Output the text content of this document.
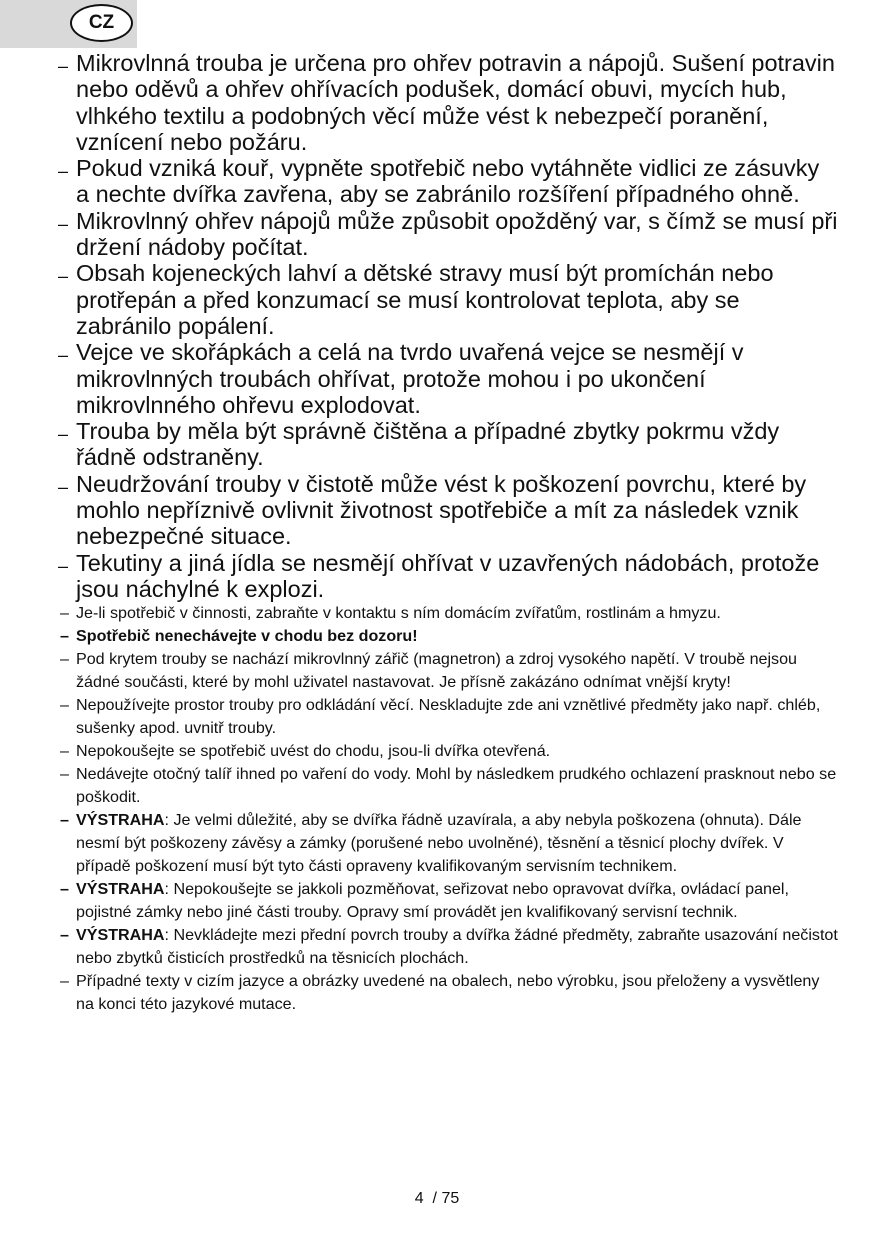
CZ
– Mikrovlnná trouba je určena pro ohřev potravin a nápojů. Sušení potravin nebo oděvů a ohřev ohřívacích podušek, domácí obuvi, mycích hub, vlhkého textilu a podobných věcí může vést k nebezpečí poranění, vznícení nebo požáru.
– Pokud vzniká kouř, vypněte spotřebič nebo vytáhněte vidlici ze zásuvky a nechte dvířka zavřena, aby se zabránilo rozšíření případného ohně.
– Mikrovlnný ohřev nápojů může způsobit opožděný var, s čímž se musí při držení nádoby počítat.
– Obsah kojeneckých lahví a dětské stravy musí být promíchán nebo protřepán a před konzumací se musí kontrolovat teplota, aby se zabránilo popálení.
– Vejce ve skořápkách a celá na tvrdo uvařená vejce se nesmějí v mikrovlnných troubách ohřívat, protože mohou i po ukončení mikrovlnného ohřevu explodovat.
– Trouba by měla být správně čištěna a případné zbytky pokrmu vždy řádně odstraněny.
– Neudržování trouby v čistotě může vést k poškození povrchu, které by mohlo nepříznivě ovlivnit životnost spotřebiče a mít za následek vznik nebezpečné situace.
– Tekutiny a jiná jídla se nesmějí ohřívat v uzavřených nádobách, protože jsou náchylné k explozi.
– Je-li spotřebič v činnosti, zabraňte v kontaktu s ním domácím zvířatům, rostlinám a hmyzu.
– Spotřebič nenechávejte v chodu bez dozoru!
– Pod krytem trouby se nachází mikrovlnný zářič (magnetron) a zdroj vysokého napětí. V troubě nejsou žádné součásti, které by mohl uživatel nastavovat. Je přísně zakázáno odnímat vnější kryty!
– Nepoužívejte prostor trouby pro odkládání věcí. Neskladujte zde ani vznětlivé předměty jako např. chléb, sušenky apod. uvnitř trouby.
– Nepokoušejte se spotřebič uvést do chodu, jsou-li dvířka otevřená.
– Nedávejte otočný talíř ihned po vaření do vody. Mohl by následkem prudkého ochlazení prasknout nebo se poškodit.
– VÝSTRAHA: Je velmi důležité, aby se dvířka řádně uzavírala, a aby nebyla poškozena (ohnuta). Dále nesmí být poškozeny závěsy a zámky (porušené nebo uvolněné), těsnění a těsnicí plochy dvířek. V případě poškození musí být tyto části opraveny kvalifikovaným servisním technikem.
– VÝSTRAHA: Nepokoušejte se jakkoli pozměňovat, seřizovat nebo opravovat dvířka, ovládací panel, pojistné zámky nebo jiné části trouby. Opravy smí provádět jen kvalifikovaný servisní technik.
– VÝSTRAHA: Nevkládejte mezi přední povrch trouby a dvířka žádné předměty, zabraňte usazování nečistot nebo zbytků čisticích prostředků na těsnicích plochách.
– Případné texty v cizím jazyce a obrázky uvedené na obalech, nebo výrobku, jsou přeloženy a vysvětleny na konci této jazykové mutace.
4 / 75
